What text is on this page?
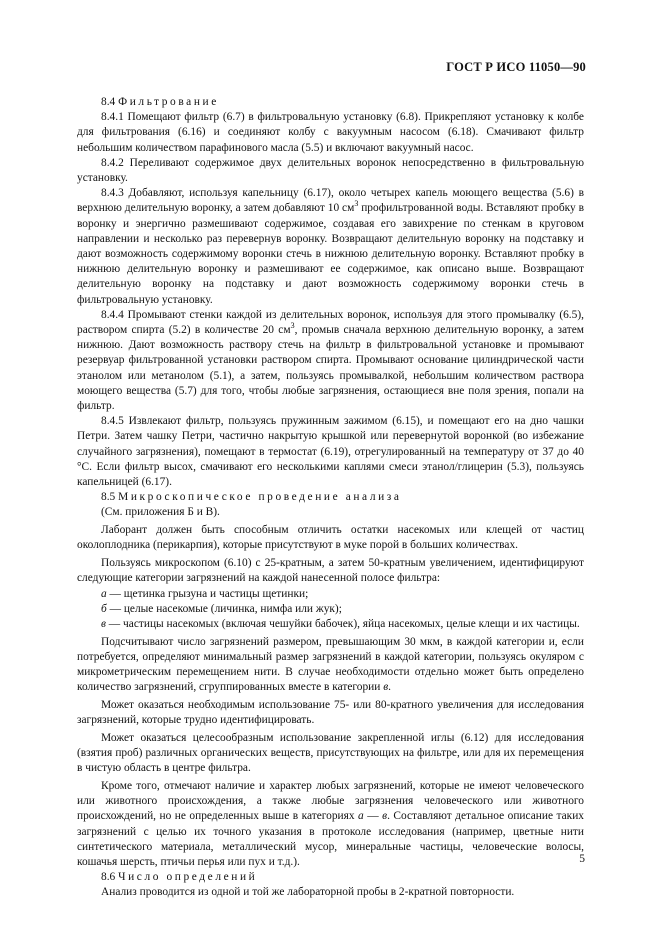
ГОСТ Р ИСО 11050—90

8.4 Фильтрование

8.4.1 Помещают фильтр (6.7) в фильтровальную установку (6.8). Прикрепляют установку к колбе для фильтрования (6.16) и соединяют колбу с вакуумным насосом (6.18). Смачивают фильтр небольшим количеством парафинового масла (5.5) и включают вакуумный насос.

8.4.2 Переливают содержимое двух делительных воронок непосредственно в фильтровальную установку.

8.4.3 Добавляют, используя капельницу (6.17), около четырех капель моющего вещества (5.6) в верхнюю делительную воронку, а затем добавляют 10 $см^3$ профильтрованной воды. Вставляют пробку в воронку и энергично размешивают содержимое, создавая его завихрение по стенкам в круговом направлении и несколько раз перевернув воронку. Возвращают делительную воронку на подставку и дают возможность содержимому воронки стечь в нижнюю делительную воронку. Вставляют пробку в нижнюю делительную воронку и размешивают ее содержимое, как описано выше. Возвращают делительную воронку на подставку и дают возможность содержимому воронки стечь в фильтровальную установку.

8.4.4 Промывают стенки каждой из делительных воронок, используя для этого промывалку (6.5), раствором спирта (5.2) в количестве 20 $см^3$, промыв сначала верхнюю делительную воронку, а затем нижнюю. Дают возможность раствору стечь на фильтр в фильтровальной установке и промывают резервуар фильтрованной установки раствором спирта. Промывают основание цилиндрической части этанолом или метанолом (5.1), а затем, пользуясь промывалкой, небольшим количеством раствора моющего вещества (5.7) для того, чтобы любые загрязнения, остающиеся вне поля зрения, попали на фильтр.

8.4.5 Извлекают фильтр, пользуясь пружинным зажимом (6.15), и помещают его на дно чашки Петри. Затем чашку Петри, частично накрытую крышкой или перевернутой воронкой (во избежание случайного загрязнения), помещают в термостат (6.19), отрегулированный на температуру от 37 до 40 °С. Если фильтр высох, смачивают его несколькими каплями смеси этанол/глицерин (5.3), пользуясь капельницей (6.17).

8.5 Микроскопическое проведение анализа

(См. приложения Б и В).

Лаборант должен быть способным отличить остатки насекомых или клещей от частиц околоплодника (перикарпия), которые присутствуют в муке порой в больших количествах.

Пользуясь микроскопом (6.10) с 25-кратным, а затем 50-кратным увеличением, идентифицируют следующие категории загрязнений на каждой нанесенной полосе фильтра:

а — щетинка грызуна и частицы щетинки;

б — целые насекомые (личинка, нимфа или жук);

в — частицы насекомых (включая чешуйки бабочек), яйца насекомых, целые клещи и их частицы.

Подсчитывают число загрязнений размером, превышающим 30 мкм, в каждой категории и, если потребуется, определяют минимальный размер загрязнений в каждой категории, пользуясь окуляром с микрометрическим перемещением нити. В случае необходимости отдельно может быть определено количество загрязнений, сгруппированных вместе в категории в.

Может оказаться необходимым использование 75- или 80-кратного увеличения для исследования загрязнений, которые трудно идентифицировать.

Может оказаться целесообразным использование закрепленной иглы (6.12) для исследования (взятия проб) различных органических веществ, присутствующих на фильтре, или для их перемещения в чистую область в центре фильтра.

Кроме того, отмечают наличие и характер любых загрязнений, которые не имеют человеческого или животного происхождения, а также любые загрязнения человеческого или животного происхождений, но не определенных выше в категориях а — в. Составляют детальное описание таких загрязнений с целью их точного указания в протоколе исследования (например, цветные нити синтетического материала, металлический мусор, минеральные частицы, человеческие волосы, кошачья шерсть, птичьи перья или пух и т.д.).

8.6 Число определений

Анализ проводится из одной и той же лабораторной пробы в 2-кратной повторности.

5
